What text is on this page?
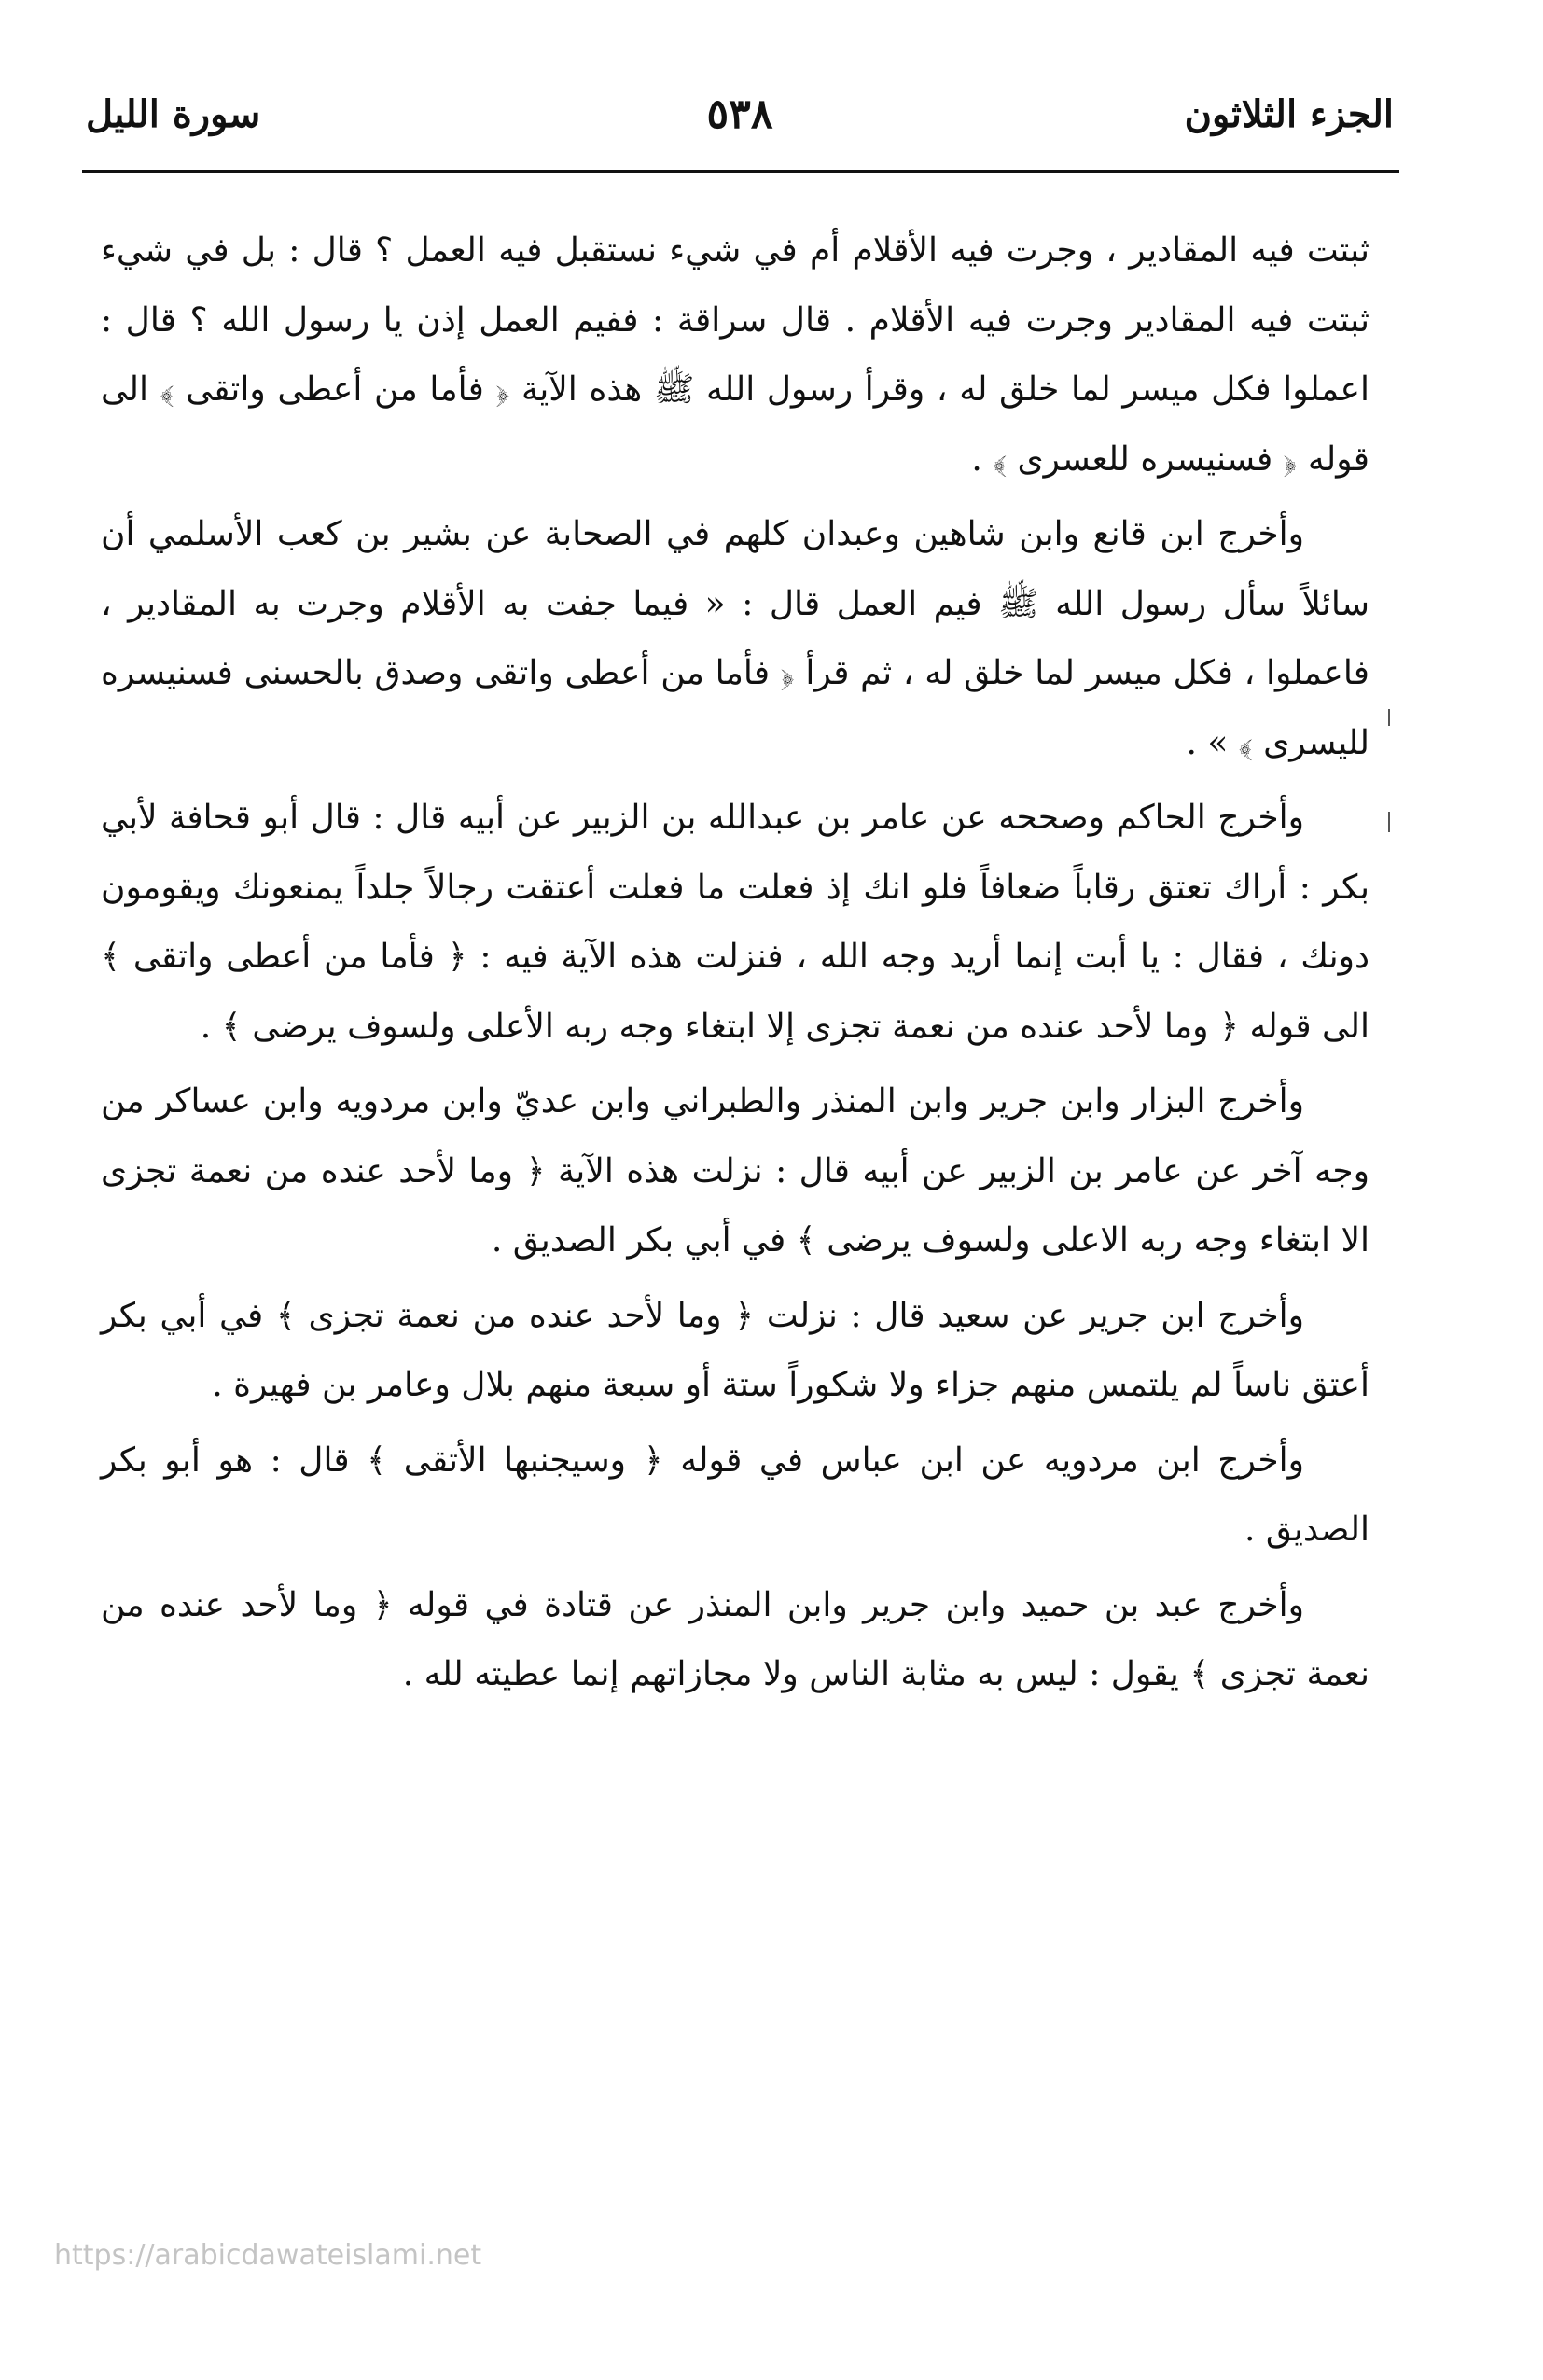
الجزء الثلاثون
٥٣٨
سورة الليل

ثبتت فيه المقادير ، وجرت فيه الأقلام أم في شيء نستقبل فيه العمل ؟ قال : بل في شيء ثبتت فيه المقادير وجرت فيه الأقلام . قال سراقة : ففيم العمل إذن يا رسول الله ؟ قال : اعملوا فكل ميسر لما خلق له ، وقرأ رسول الله ﷺ هذه الآية ﴿ فأما من أعطى واتقى ﴾ الى قوله ﴿ فسنيسره للعسرى ﴾ .

وأخرج ابن قانع وابن شاهين وعبدان كلهم في الصحابة عن بشير بن كعب الأسلمي أن سائلاً سأل رسول الله ﷺ فيم العمل قال : « فيما جفت به الأقلام وجرت به المقادير ، فاعملوا ، فكل ميسر لما خلق له ، ثم قرأ ﴿ فأما من أعطى واتقى وصدق بالحسنى فسنيسره لليسرى ﴾ » .

وأخرج الحاكم وصححه عن عامر بن عبدالله بن الزبير عن أبيه قال : قال أبو قحافة لأبي بكر : أراك تعتق رقاباً ضعافاً فلو انك إذ فعلت ما فعلت أعتقت رجالاً جلداً يمنعونك ويقومون دونك ، فقال : يا أبت إنما أريد وجه الله ، فنزلت هذه الآية فيه : ﴿ فأما من أعطى واتقى ﴾ الى قوله ﴿ وما لأحد عنده من نعمة تجزى إلا ابتغاء وجه ربه الأعلى ولسوف يرضى ﴾ .

وأخرج البزار وابن جرير وابن المنذر والطبراني وابن عديّ وابن مردويه وابن عساكر من وجه آخر عن عامر بن الزبير عن أبيه قال : نزلت هذه الآية ﴿ وما لأحد عنده من نعمة تجزى الا ابتغاء وجه ربه الاعلى ولسوف يرضى ﴾ في أبي بكر الصديق .

وأخرج ابن جرير عن سعيد قال : نزلت ﴿ وما لأحد عنده من نعمة تجزى ﴾ في أبي بكر أعتق ناساً لم يلتمس منهم جزاء ولا شكوراً ستة أو سبعة منهم بلال وعامر بن فهيرة .

وأخرج ابن مردويه عن ابن عباس في قوله ﴿ وسيجنبها الأتقى ﴾ قال : هو أبو بكر الصديق .

وأخرج عبد بن حميد وابن جرير وابن المنذر عن قتادة في قوله ﴿ وما لأحد عنده من نعمة تجزى ﴾ يقول : ليس به مثابة الناس ولا مجازاتهم إنما عطيته لله .

https://arabicdawateislami.net
